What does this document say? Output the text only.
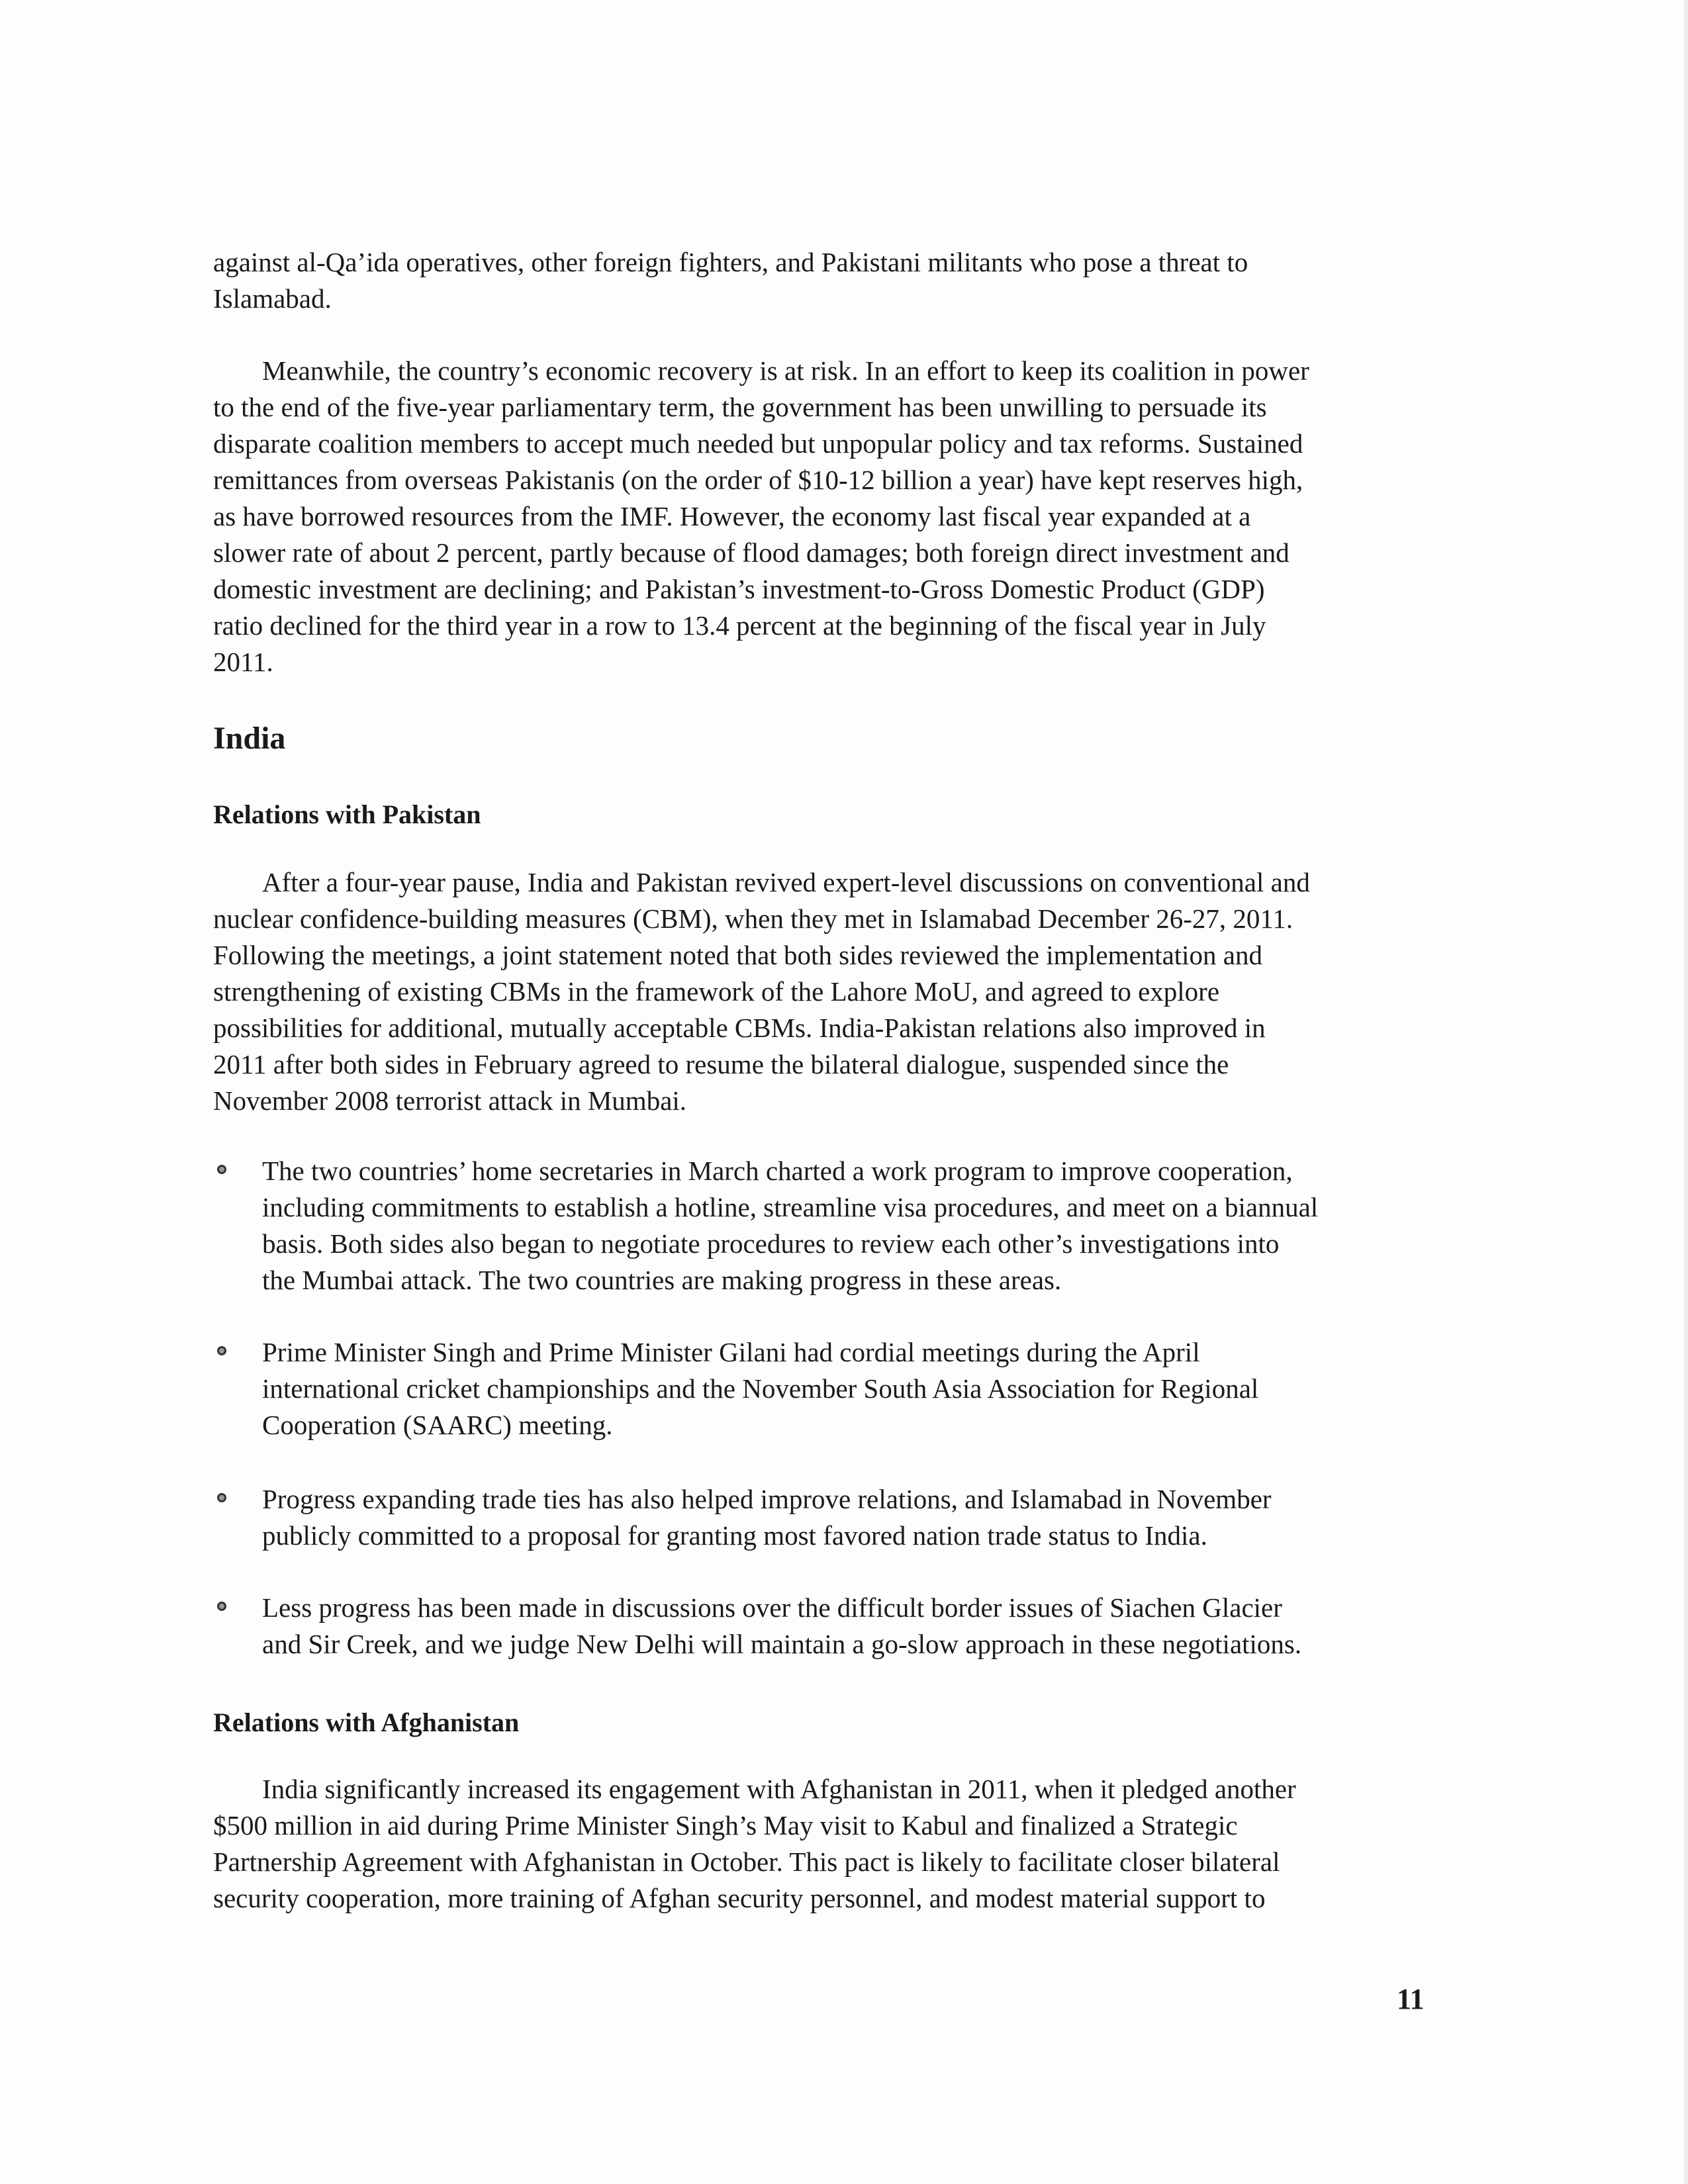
against al-Qa’ida operatives, other foreign fighters, and Pakistani militants who pose a threat to
Islamabad.
Meanwhile, the country’s economic recovery is at risk. In an effort to keep its coalition in power
to the end of the five-year parliamentary term, the government has been unwilling to persuade its
disparate coalition members to accept much needed but unpopular policy and tax reforms. Sustained
remittances from overseas Pakistanis (on the order of $10-12 billion a year) have kept reserves high,
as have borrowed resources from the IMF. However, the economy last fiscal year expanded at a
slower rate of about 2 percent, partly because of flood damages; both foreign direct investment and
domestic investment are declining; and Pakistan’s investment-to-Gross Domestic Product (GDP)
ratio declined for the third year in a row to 13.4 percent at the beginning of the fiscal year in July
2011.
India
Relations with Pakistan
After a four-year pause, India and Pakistan revived expert-level discussions on conventional and
nuclear confidence-building measures (CBM), when they met in Islamabad December 26-27, 2011.
Following the meetings, a joint statement noted that both sides reviewed the implementation and
strengthening of existing CBMs in the framework of the Lahore MoU, and agreed to explore
possibilities for additional, mutually acceptable CBMs. India-Pakistan relations also improved in
2011 after both sides in February agreed to resume the bilateral dialogue, suspended since the
November 2008 terrorist attack in Mumbai.
The two countries’ home secretaries in March charted a work program to improve cooperation,
including commitments to establish a hotline, streamline visa procedures, and meet on a biannual
basis. Both sides also began to negotiate procedures to review each other’s investigations into
the Mumbai attack. The two countries are making progress in these areas.
Prime Minister Singh and Prime Minister Gilani had cordial meetings during the April
international cricket championships and the November South Asia Association for Regional
Cooperation (SAARC) meeting.
Progress expanding trade ties has also helped improve relations, and Islamabad in November
publicly committed to a proposal for granting most favored nation trade status to India.
Less progress has been made in discussions over the difficult border issues of Siachen Glacier
and Sir Creek, and we judge New Delhi will maintain a go-slow approach in these negotiations.
Relations with Afghanistan
India significantly increased its engagement with Afghanistan in 2011, when it pledged another
$500 million in aid during Prime Minister Singh’s May visit to Kabul and finalized a Strategic
Partnership Agreement with Afghanistan in October. This pact is likely to facilitate closer bilateral
security cooperation, more training of Afghan security personnel, and modest material support to
11
